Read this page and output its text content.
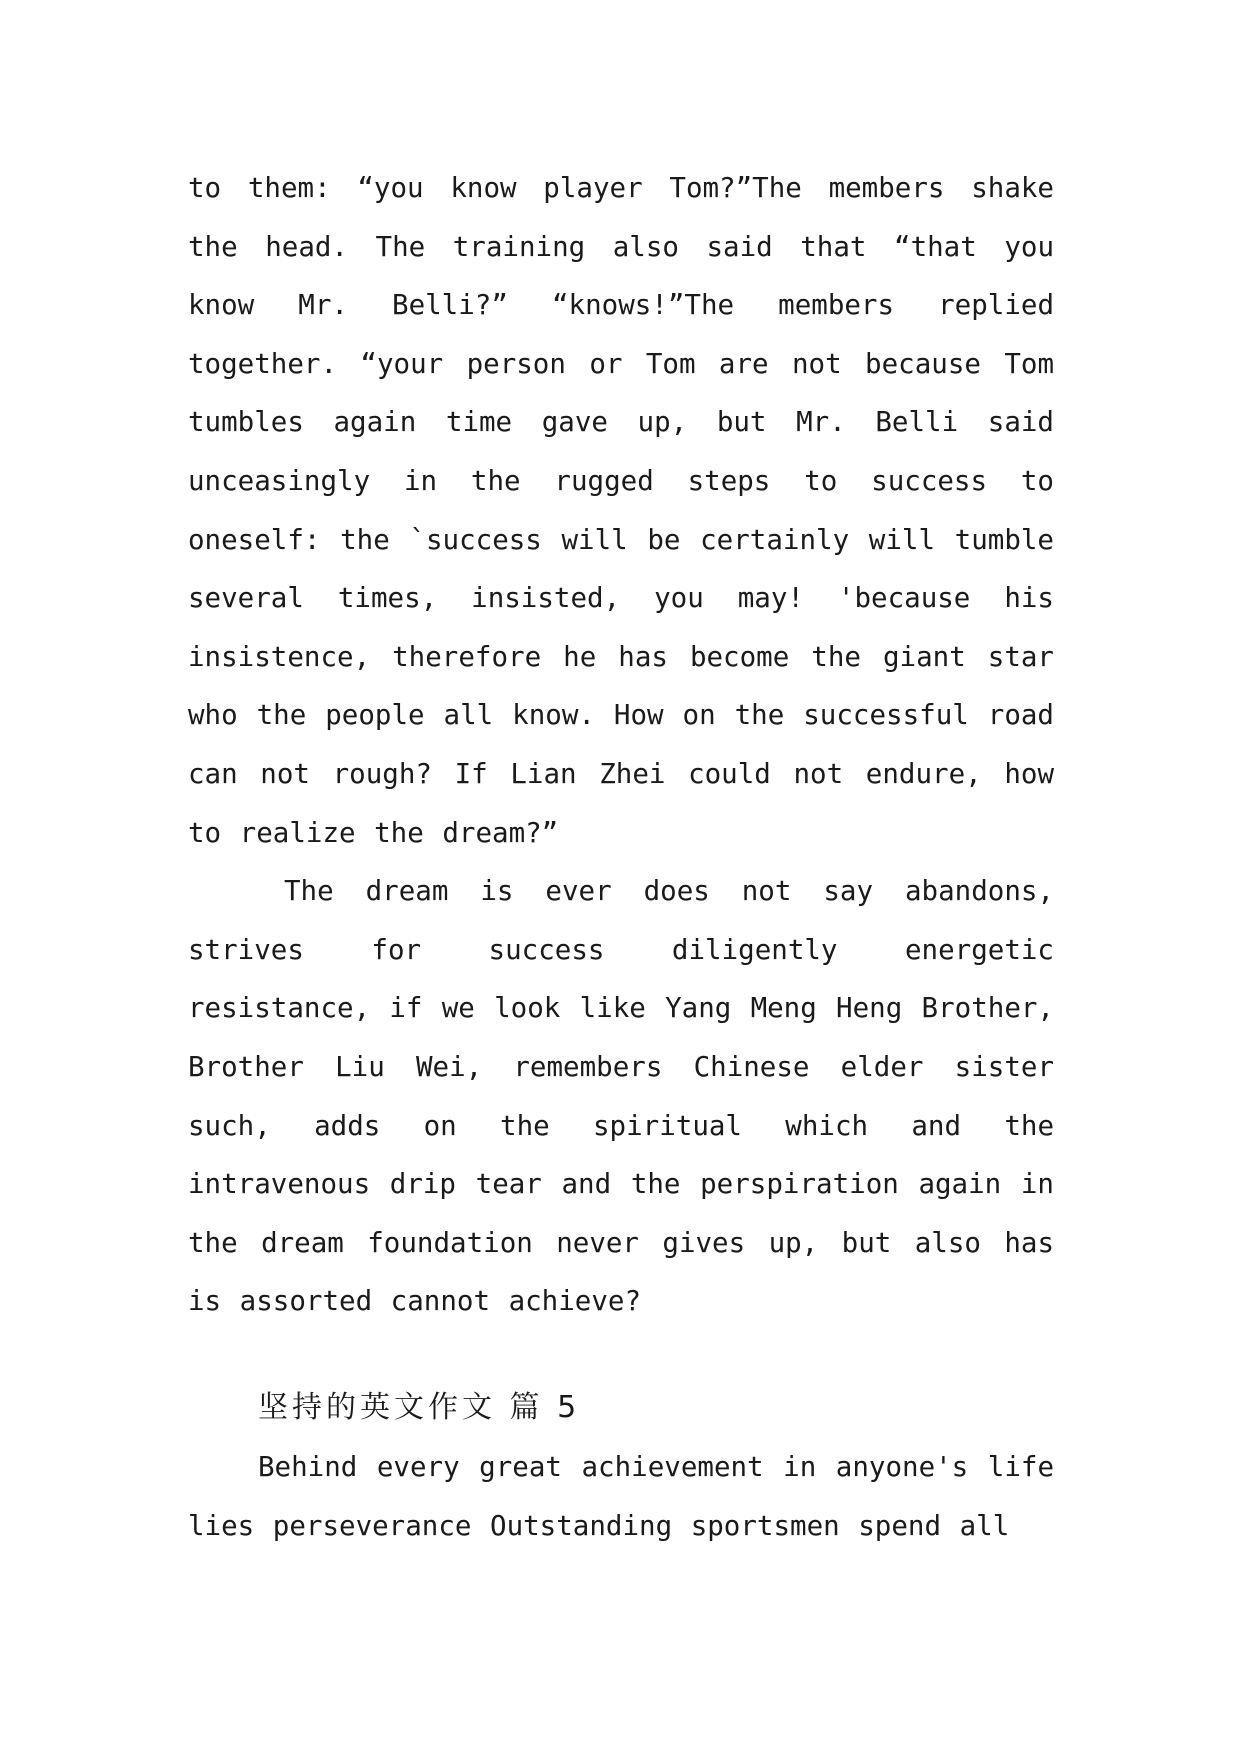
to them: “you know player Tom?”The members shake the head. The training also said that “that you know Mr. Belli?” “knows!”The members replied together. “your person or Tom are not because Tom tumbles again time gave up, but Mr. Belli said unceasingly in the rugged steps to success to oneself: the `success will be certainly will tumble several times, insisted, you may! 'because his insistence, therefore he has become the giant star who the people all know. How on the successful road can not rough? If Lian Zhei could not endure, how to realize the dream?”

The dream is ever does not say abandons, strives for success diligently energetic resistance, if we look like Yang Meng Heng Brother, Brother Liu Wei, remembers Chinese elder sister such, adds on the spiritual which and the intravenous drip tear and the perspiration again in the dream foundation never gives up, but also has is assorted cannot achieve?

坚持的英文作文 篇 5

Behind every great achievement in anyone's life lies perseverance Outstanding sportsmen spend all
